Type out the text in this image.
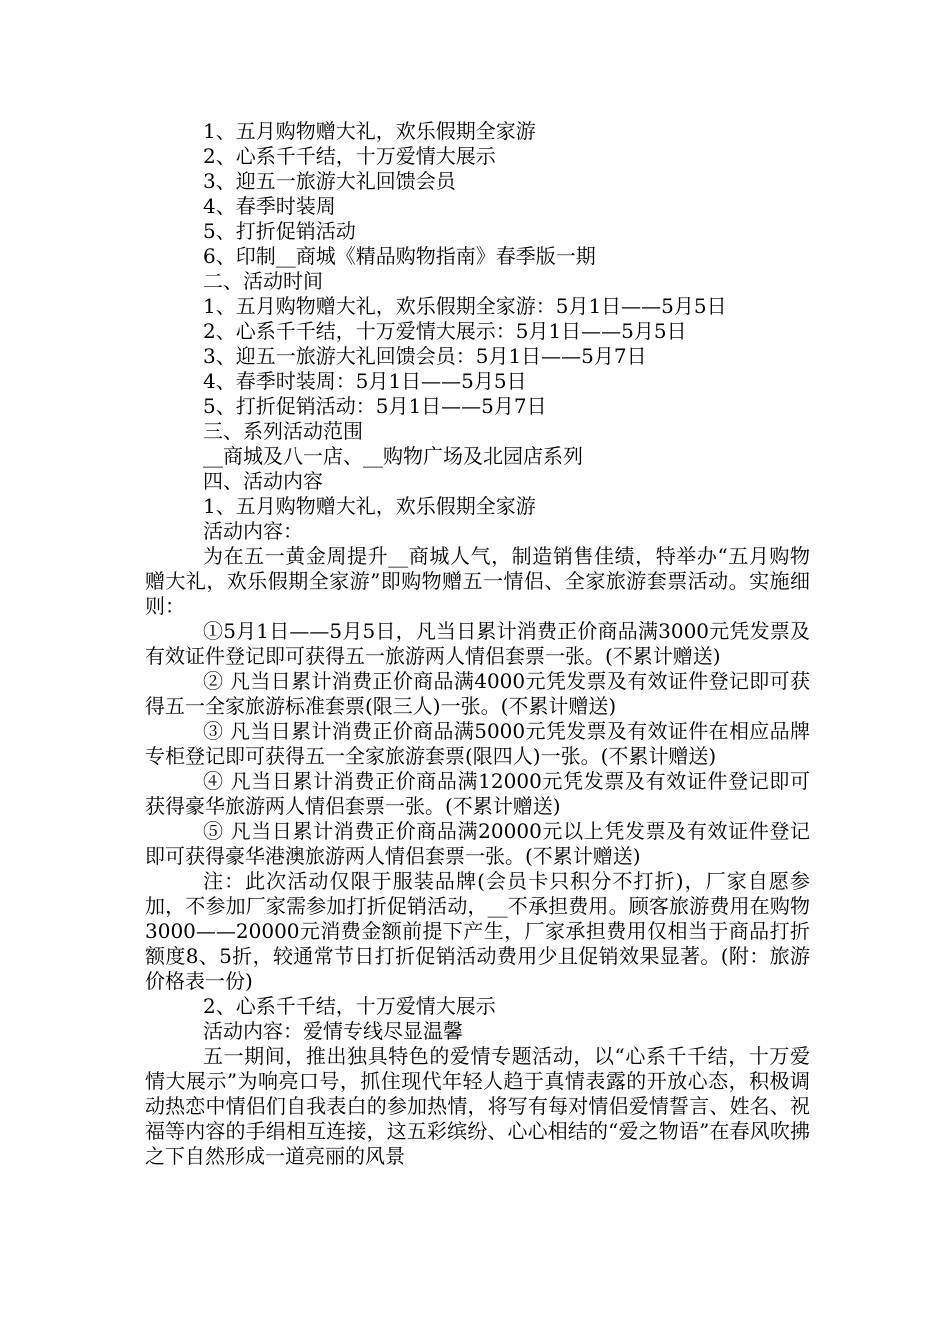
1、五月购物赠大礼，欢乐假期全家游
2、心系千千结，十万爱情大展示
3、迎五一旅游大礼回馈会员
4、春季时装周
5、打折促销活动
6、印制__商城《精品购物指南》春季版一期
二、活动时间
1、五月购物赠大礼，欢乐假期全家游：5月1日——5月5日
2、心系千千结，十万爱情大展示：5月1日——5月5日
3、迎五一旅游大礼回馈会员：5月1日——5月7日
4、春季时装周：5月1日——5月5日
5、打折促销活动：5月1日——5月7日
三、系列活动范围
__商城及八一店、__购物广场及北园店系列
四、活动内容
1、五月购物赠大礼，欢乐假期全家游
活动内容：

为在五一黄金周提升__商城人气，制造销售佳绩，特举办“五月购物赠大礼，欢乐假期全家游”即购物赠五一情侣、全家旅游套票活动。实施细则：

①5月1日——5月5日，凡当日累计消费正价商品满3000元凭发票及有效证件登记即可获得五一旅游两人情侣套票一张。(不累计赠送)

② 凡当日累计消费正价商品满4000元凭发票及有效证件登记即可获得五一全家旅游标准套票(限三人)一张。(不累计赠送)

③ 凡当日累计消费正价商品满5000元凭发票及有效证件在相应品牌专柜登记即可获得五一全家旅游套票(限四人)一张。(不累计赠送)

④ 凡当日累计消费正价商品满12000元凭发票及有效证件登记即可获得豪华旅游两人情侣套票一张。(不累计赠送)

⑤ 凡当日累计消费正价商品满20000元以上凭发票及有效证件登记即可获得豪华港澳旅游两人情侣套票一张。(不累计赠送)

注：此次活动仅限于服装品牌(会员卡只积分不打折)，厂家自愿参加，不参加厂家需参加打折促销活动，__不承担费用。顾客旅游费用在购物3000——20000元消费金额前提下产生，厂家承担费用仅相当于商品打折额度8、5折，较通常节日打折促销活动费用少且促销效果显著。(附：旅游价格表一份)

2、心系千千结，十万爱情大展示
活动内容：爱情专线尽显温馨

五一期间，推出独具特色的爱情专题活动，以“心系千千结，十万爱情大展示”为响亮口号，抓住现代年轻人趋于真情表露的开放心态，积极调动热恋中情侣们自我表白的参加热情，将写有每对情侣爱情誓言、姓名、祝福等内容的手绢相互连接，这五彩缤纷、心心相结的“爱之物语”在春风吹拂之下自然形成一道亮丽的风景
